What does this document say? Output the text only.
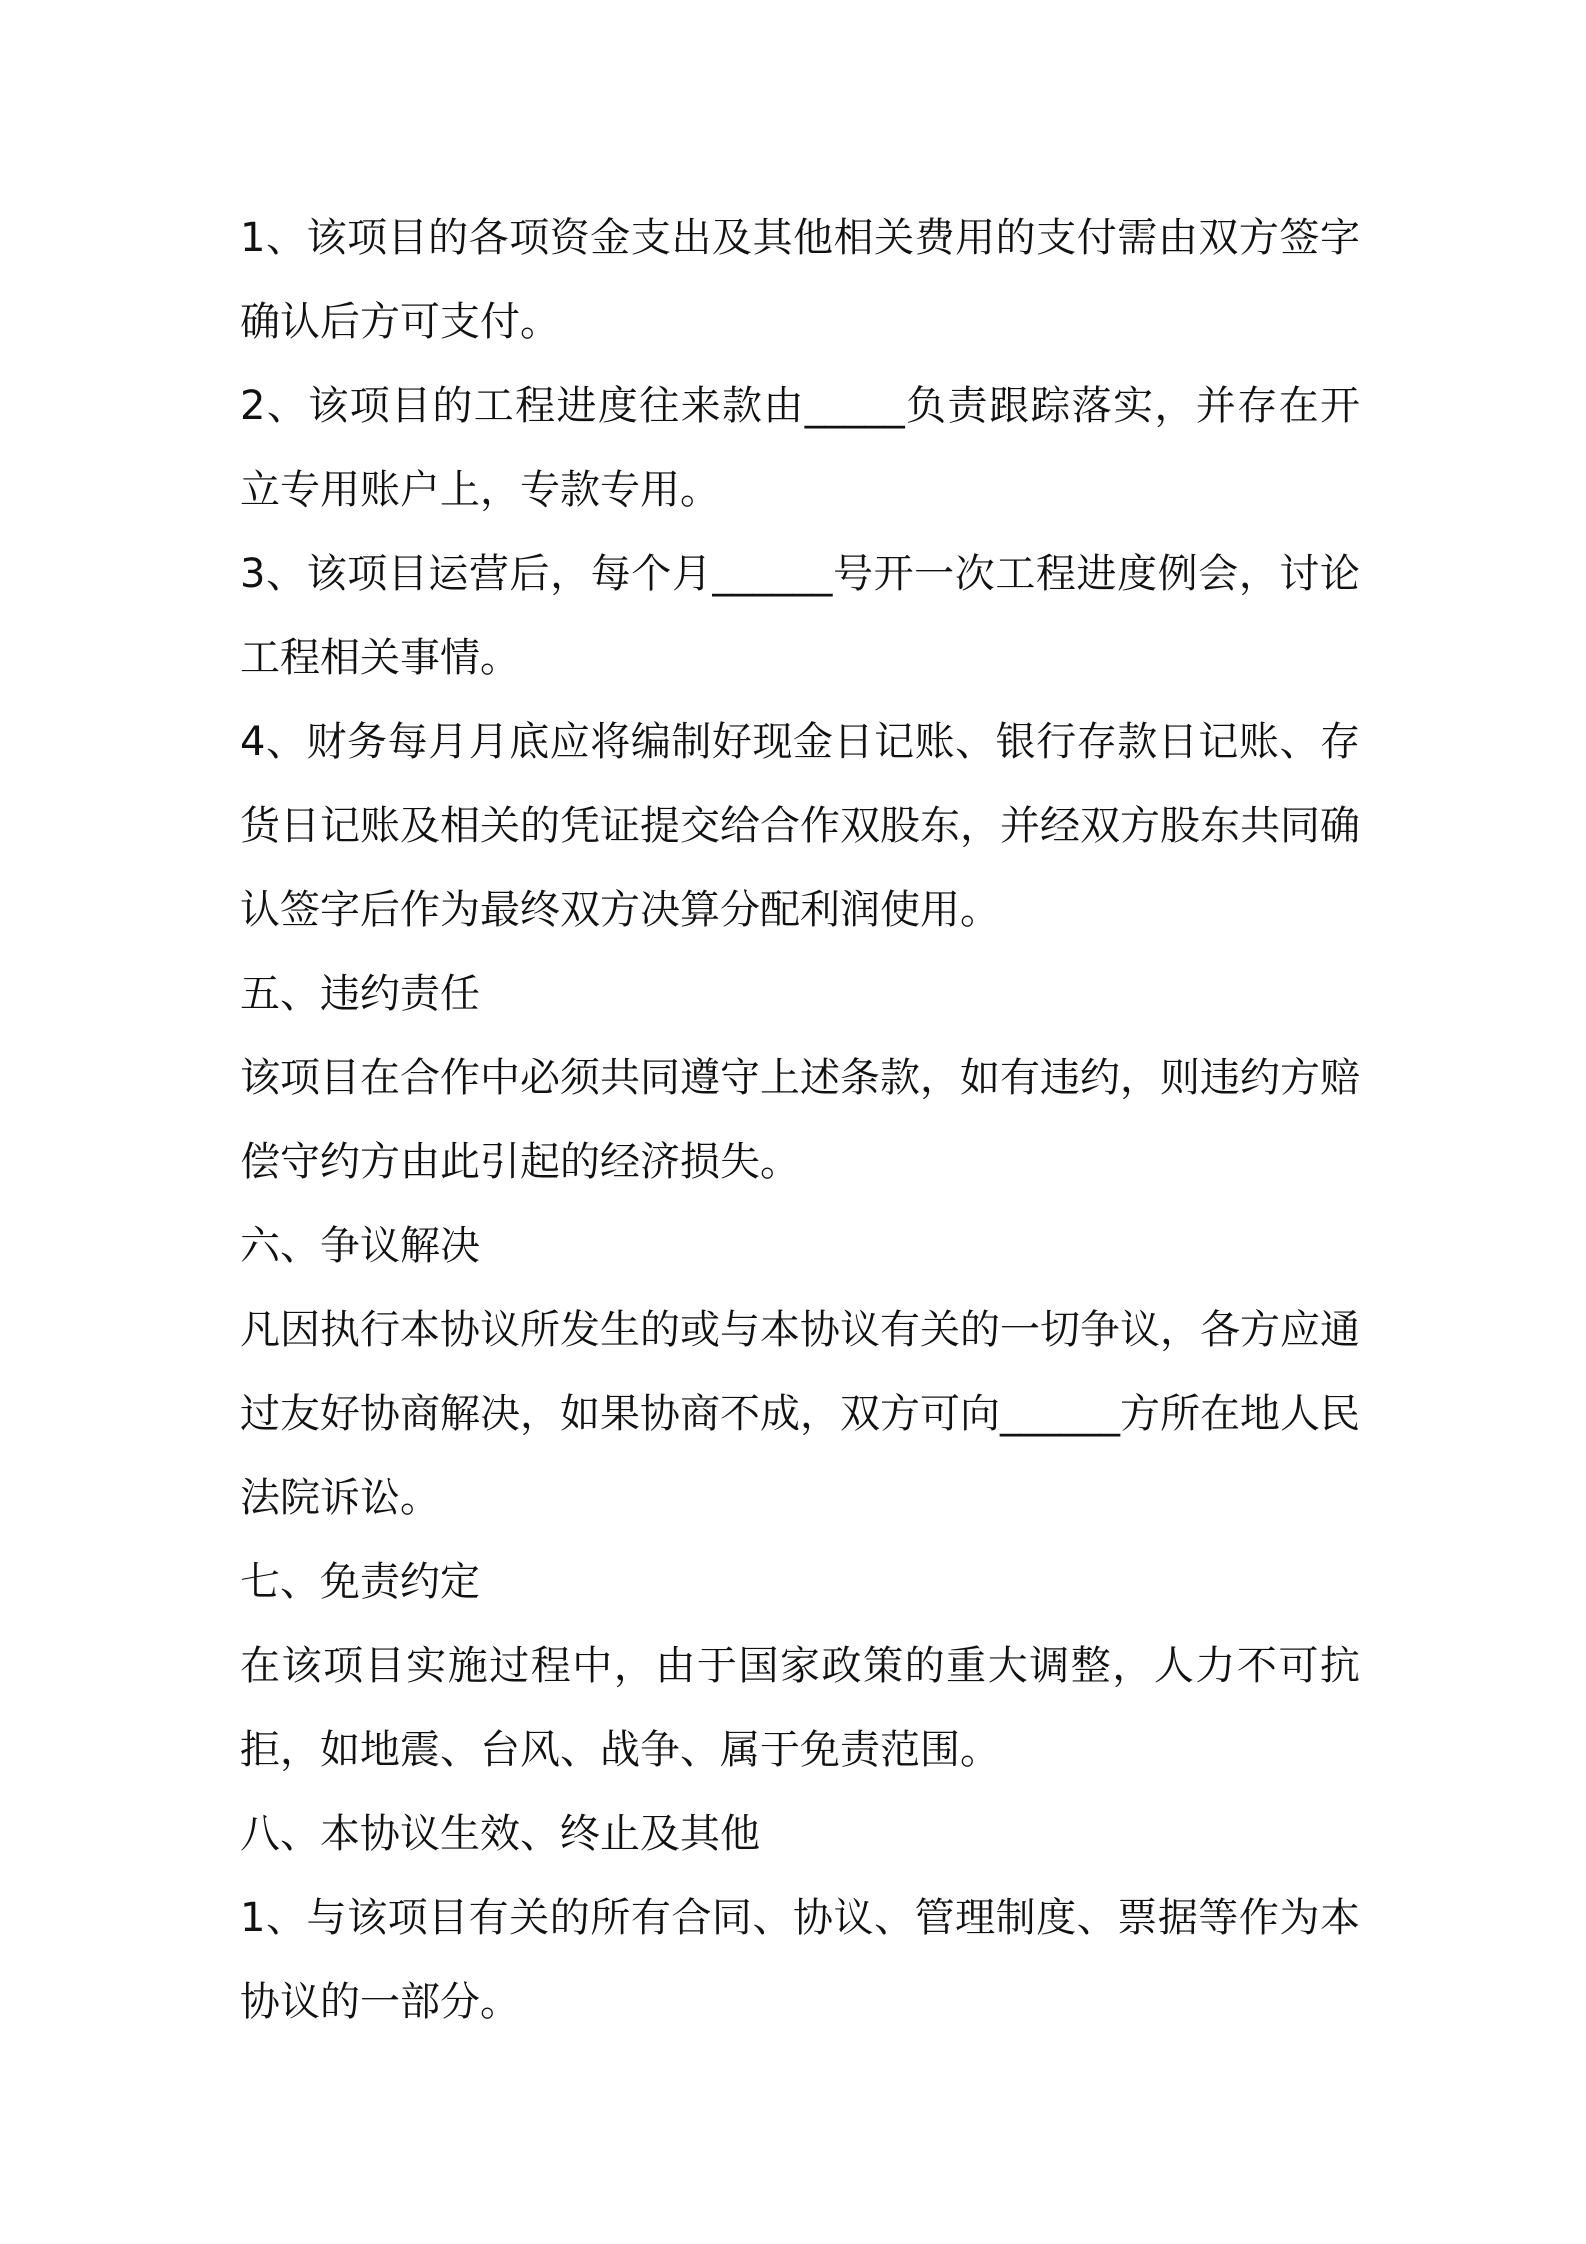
1、该项目的各项资金支出及其他相关费用的支付需由双方签字确认后方可支付。

2、该项目的工程进度往来款由_____负责跟踪落实，并存在开立专用账户上，专款专用。

3、该项目运营后，每个月______号开一次工程进度例会，讨论工程相关事情。

4、财务每月月底应将编制好现金日记账、银行存款日记账、存货日记账及相关的凭证提交给合作双股东，并经双方股东共同确认签字后作为最终双方决算分配利润使用。

五、违约责任

该项目在合作中必须共同遵守上述条款，如有违约，则违约方赔偿守约方由此引起的经济损失。

六、争议解决

凡因执行本协议所发生的或与本协议有关的一切争议，各方应通过友好协商解决，如果协商不成，双方可向______方所在地人民法院诉讼。

七、免责约定

在该项目实施过程中，由于国家政策的重大调整，人力不可抗拒，如地震、台风、战争、属于免责范围。

八、本协议生效、终止及其他

1、与该项目有关的所有合同、协议、管理制度、票据等作为本协议的一部分。
